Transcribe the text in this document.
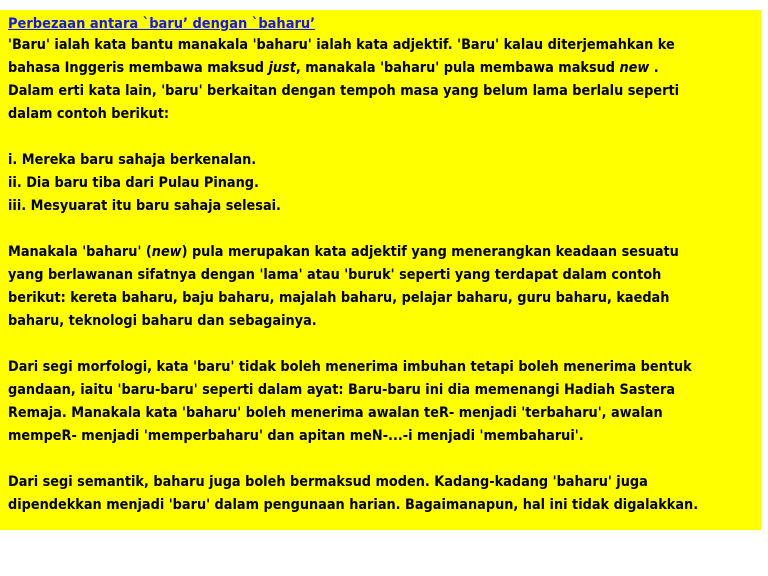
Perbezaan antara `baru’ dengan `baharu’
'Baru' ialah kata bantu manakala 'baharu' ialah kata adjektif. 'Baru' kalau diterjemahkan ke
bahasa Inggeris membawa maksud just, manakala 'baharu' pula membawa maksud new .
Dalam erti kata lain, 'baru' berkaitan dengan tempoh masa yang belum lama berlalu seperti
dalam contoh berikut:
i. Mereka baru sahaja berkenalan.
ii. Dia baru tiba dari Pulau Pinang.
iii. Mesyuarat itu baru sahaja selesai.
Manakala 'baharu' (new) pula merupakan kata adjektif yang menerangkan keadaan sesuatu
yang berlawanan sifatnya dengan 'lama' atau 'buruk' seperti yang terdapat dalam contoh
berikut: kereta baharu, baju baharu, majalah baharu, pelajar baharu, guru baharu, kaedah
baharu, teknologi baharu dan sebagainya.
Dari segi morfologi, kata 'baru' tidak boleh menerima imbuhan tetapi boleh menerima bentuk
gandaan, iaitu 'baru-baru' seperti dalam ayat: Baru-baru ini dia memenangi Hadiah Sastera
Remaja. Manakala kata 'baharu' boleh menerima awalan teR- menjadi 'terbaharu', awalan
mempeR- menjadi 'memperbaharu' dan apitan meN-...-i menjadi 'membaharui'.
Dari segi semantik, baharu juga boleh bermaksud moden. Kadang-kadang 'baharu' juga
dipendekkan menjadi 'baru' dalam pengunaan harian. Bagaimanapun, hal ini tidak digalakkan.
